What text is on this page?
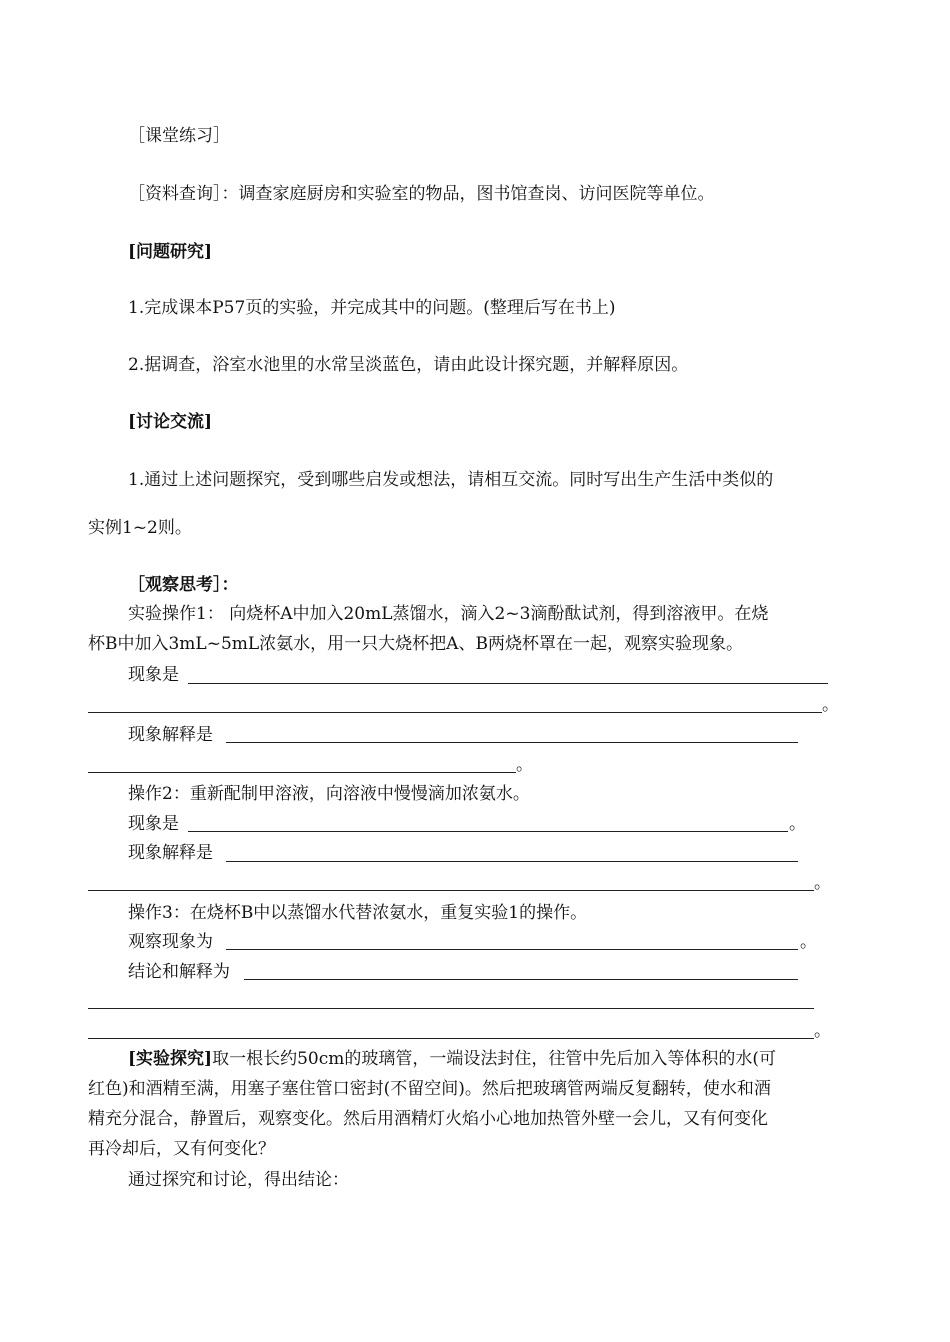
［课堂练习］
［资料查询］：调查家庭厨房和实验室的物品，图书馆查岗、访问医院等单位。
[问题研究]
1.完成课本P57页的实验，并完成其中的问题。(整理后写在书上)
2.据调查，浴室水池里的水常呈淡蓝色，请由此设计探究题，并解释原因。
[讨论交流]
1.通过上述问题探究，受到哪些启发或想法，请相互交流。同时写出生产生活中类似的
实例1~2则。
［观察思考］：
实验操作1： 向烧杯A中加入20mL蒸馏水，滴入2~3滴酚酞试剂，得到溶液甲。在烧
杯B中加入3mL~5mL浓氨水，用一只大烧杯把A、B两烧杯罩在一起，观察实验现象。
现象是
。
现象解释是
。
操作2：重新配制甲溶液，向溶液中慢慢滴加浓氨水。
现象是	。
现象解释是
。
操作3：在烧杯B中以蒸馏水代替浓氨水，重复实验1的操作。
观察现象为	。
结论和解释为
。
[实验探究]取一根长约50cm的玻璃管，一端设法封住，往管中先后加入等体积的水(可
红色)和酒精至满，用塞子塞住管口密封(不留空间)。然后把玻璃管两端反复翻转，使水和酒
精充分混合，静置后，观察变化。然后用酒精灯火焰小心地加热管外壁一会儿，又有何变化
再冷却后，又有何变化？
通过探究和讨论，得出结论：
